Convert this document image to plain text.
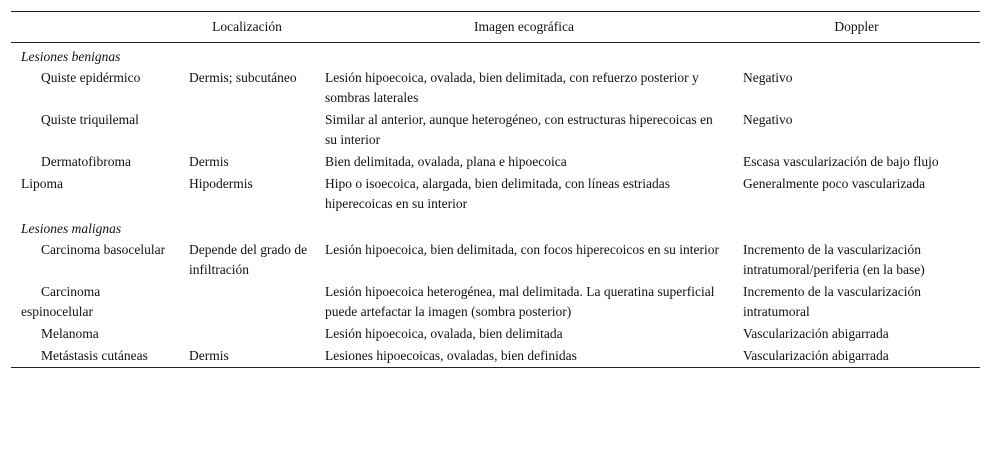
	Localización	Imagen ecográfica	Doppler
Lesiones benignas			
Quiste epidérmico	Dermis; subcutáneo	Lesión hipoecoica, ovalada, bien delimitada, con refuerzo posterior y sombras laterales	Negativo
Quiste triquilemal		Similar al anterior, aunque heterogéneo, con estructuras hiperecoicas en su interior	Negativo
Dermatofibroma	Dermis	Bien delimitada, ovalada, plana e hipoecoica	Escasa vascularización de bajo flujo
Lipoma	Hipodermis	Hipo o isoecoica, alargada, bien delimitada, con líneas estriadas hiperecoicas en su interior	Generalmente poco vascularizada
Lesiones malignas			
Carcinoma basocelular	Depende del grado de infiltración	Lesión hipoecoica, bien delimitada, con focos hiperecoicos en su interior	Incremento de la vascularización intratumoral/periferia (en la base)
Carcinoma espinocelular		Lesión hipoecoica heterogénea, mal delimitada. La queratina superficial puede artefactar la imagen (sombra posterior)	Incremento de la vascularización intratumoral
Melanoma		Lesión hipoecoica, ovalada, bien delimitada	Vascularización abigarrada
Metástasis cutáneas	Dermis	Lesiones hipoecoicas, ovaladas, bien definidas	Vascularización abigarrada
